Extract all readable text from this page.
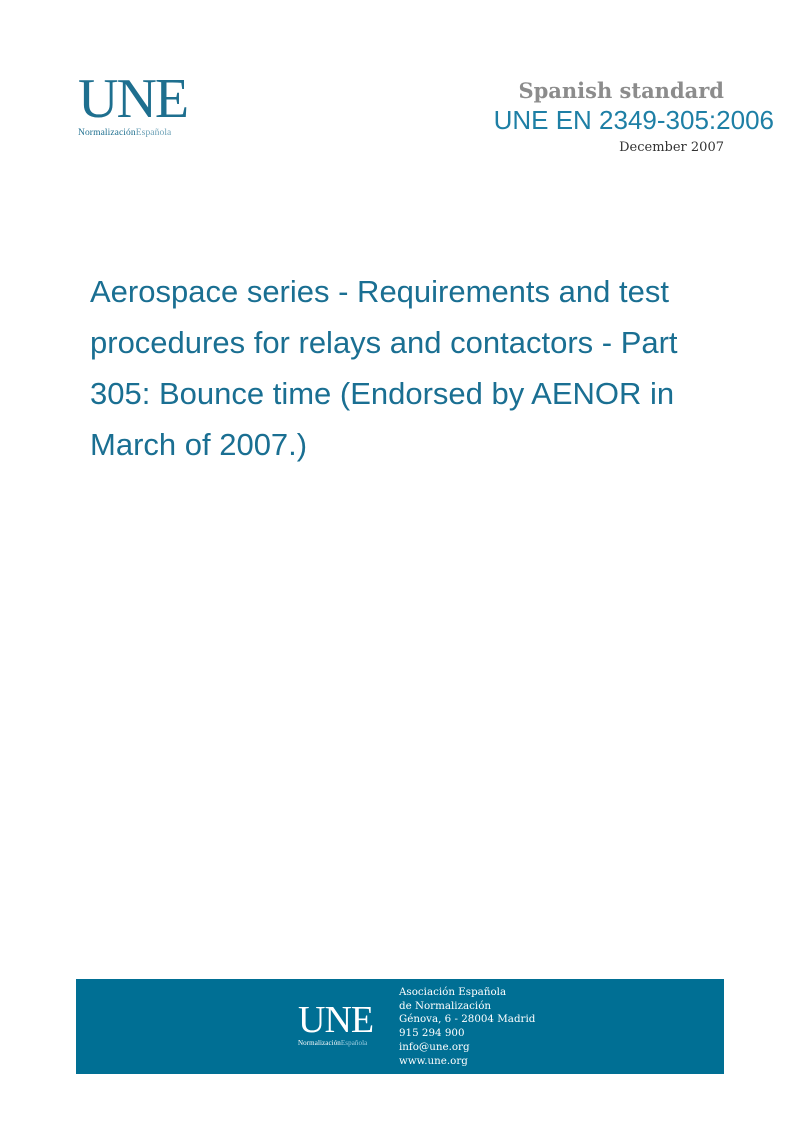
UNE
NormalizaciónEspañola
Spanish standard
UNE EN 2349-305:2006
December 2007
Aerospace series - Requirements and test procedures for relays and contactors - Part 305: Bounce time (Endorsed by AENOR in March of 2007.)
UNE
NormalizaciónEspañola
Asociación Española
de Normalización
Génova, 6 - 28004 Madrid
915 294 900
info@une.org
www.une.org
